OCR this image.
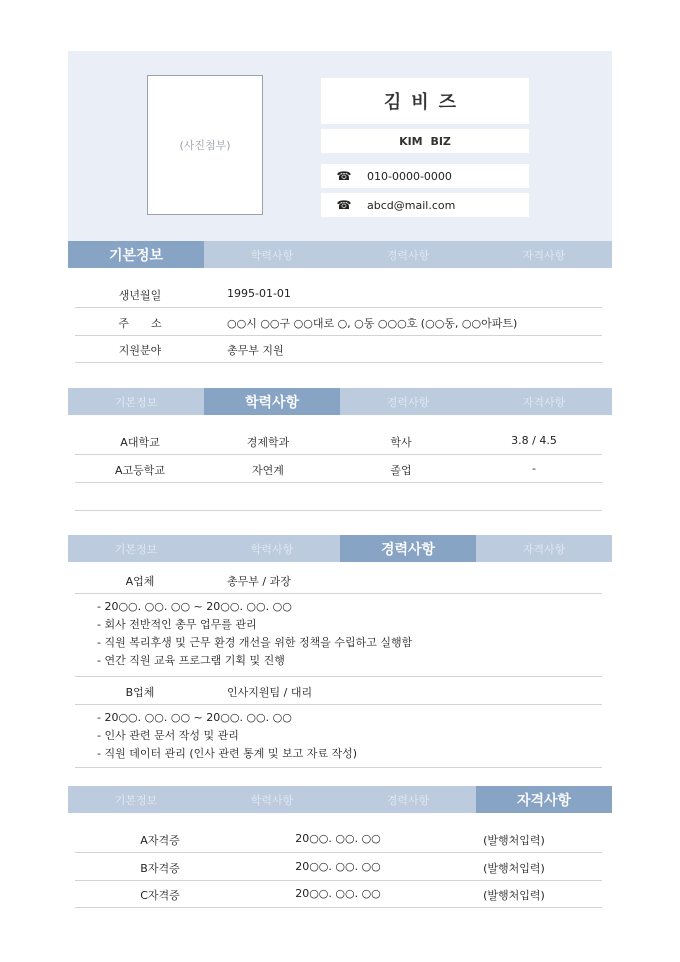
(사진첨부)
김비즈
KIM BIZ
☎	010-0000-0000
☎	abcd@mail.com
기본정보	학력사항	경력사항	자격사항
생년월일	1995-01-01
주　　소	○○시 ○○구 ○○대로 ○, ○동 ○○○호 (○○동, ○○아파트)
지원분야	총무부 지원
기본정보	학력사항	경력사항	자격사항
A대학교	경제학과	학사	3.8 / 4.5
A고등학교	자연계	졸업	-
기본정보	학력사항	경력사항	자격사항
A업체	총무부 / 과장
- 20○○. ○○. ○○ ~ 20○○. ○○. ○○
- 회사 전반적인 총무 업무를 관리
- 직원 복리후생 및 근무 환경 개선을 위한 정책을 수립하고 실행함
- 연간 직원 교육 프로그램 기획 및 진행
B업체	인사지원팀 / 대리
- 20○○. ○○. ○○ ~ 20○○. ○○. ○○
- 인사 관련 문서 작성 및 관리
- 직원 데이터 관리 (인사 관련 통계 및 보고 자료 작성)
기본정보	학력사항	경력사항	자격사항
A자격증	20○○. ○○. ○○	(발행처입력)
B자격증	20○○. ○○. ○○	(발행처입력)
C자격증	20○○. ○○. ○○	(발행처입력)
